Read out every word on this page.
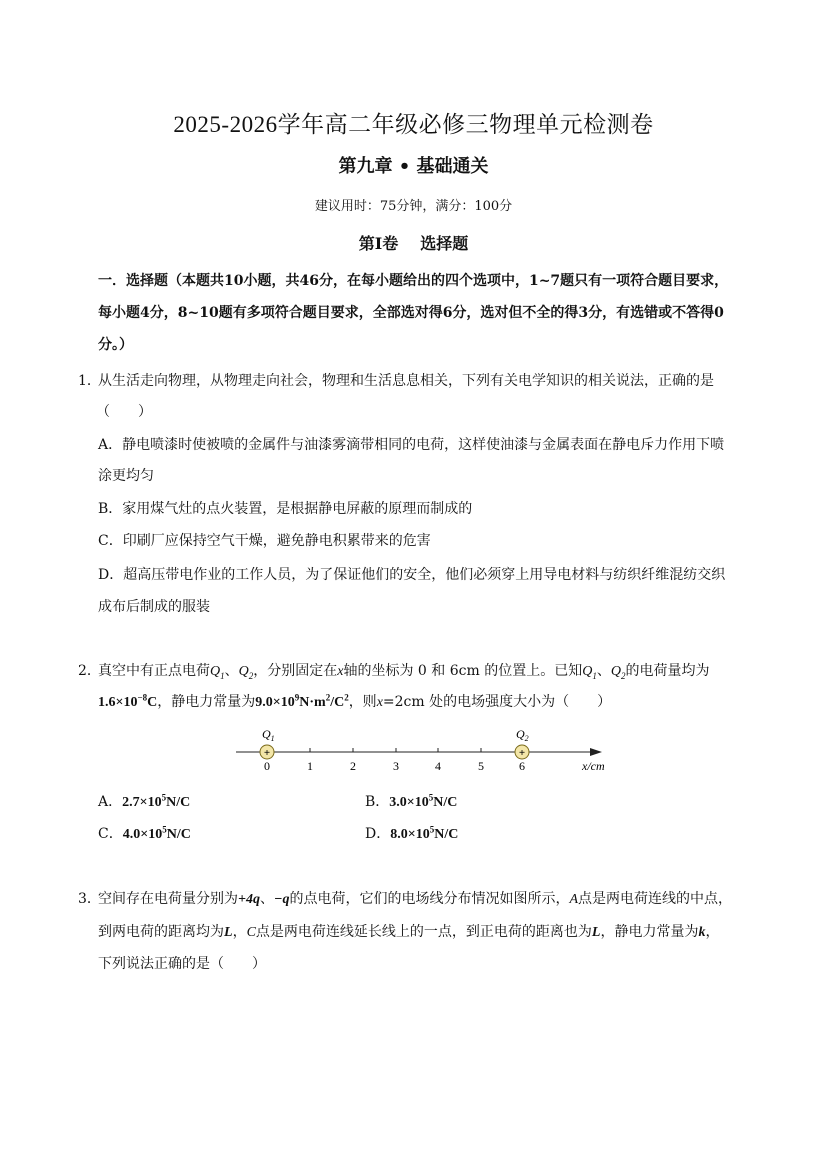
2025-2026学年高二年级必修三物理单元检测卷
第九章 • 基础通关
建议用时：75分钟，满分：100分
第I卷 选择题
一．选择题（本题共10小题，共46分，在每小题给出的四个选项中，1~7题只有一项符合题目要求，
每小题4分，8~10题有多项符合题目要求，全部选对得6分，选对但不全的得3分，有选错或不答得0
分。）
1．
从生活走向物理，从物理走向社会，物理和生活息息相关，下列有关电学知识的相关说法，正确的是
（　　）
A．静电喷漆时使被喷的金属件与油漆雾滴带相同的电荷，这样使油漆与金属表面在静电斥力作用下喷
涂更均匀
B．家用煤气灶的点火装置，是根据静电屏蔽的原理而制成的
C．印刷厂应保持空气干燥，避免静电积累带来的危害
D．超高压带电作业的工作人员，为了保证他们的安全，他们必须穿上用导电材料与纺织纤维混纺交织
成布后制成的服装
2．
真空中有正点电荷$Q_1$、$Q_2$，分别固定在x轴的坐标为 0 和 6cm 的位置上。已知$Q_1$、$Q_2$的电荷量均为
$1.6\times 10^{-8}C$，静电力常量为$9.0\times 10^9N\cdot m^2/C^2$，则x=2cm 处的电场强度大小为（　　）
0	1	2	3	4	5	6
+
$Q_1$
+
$Q_2$
x/cm
A．$2.7\times 10^5N/C$	B．$3.0\times 10^5N/C$
C．$4.0\times 10^5N/C$	D．$8.0\times 10^5N/C$
3．
空间存在电荷量分别为+4q、−q的点电荷，它们的电场线分布情况如图所示，A点是两电荷连线的中点，
到两电荷的距离均为L，C点是两电荷连线延长线上的一点，到正电荷的距离也为L，静电力常量为k，
下列说法正确的是（　　）
